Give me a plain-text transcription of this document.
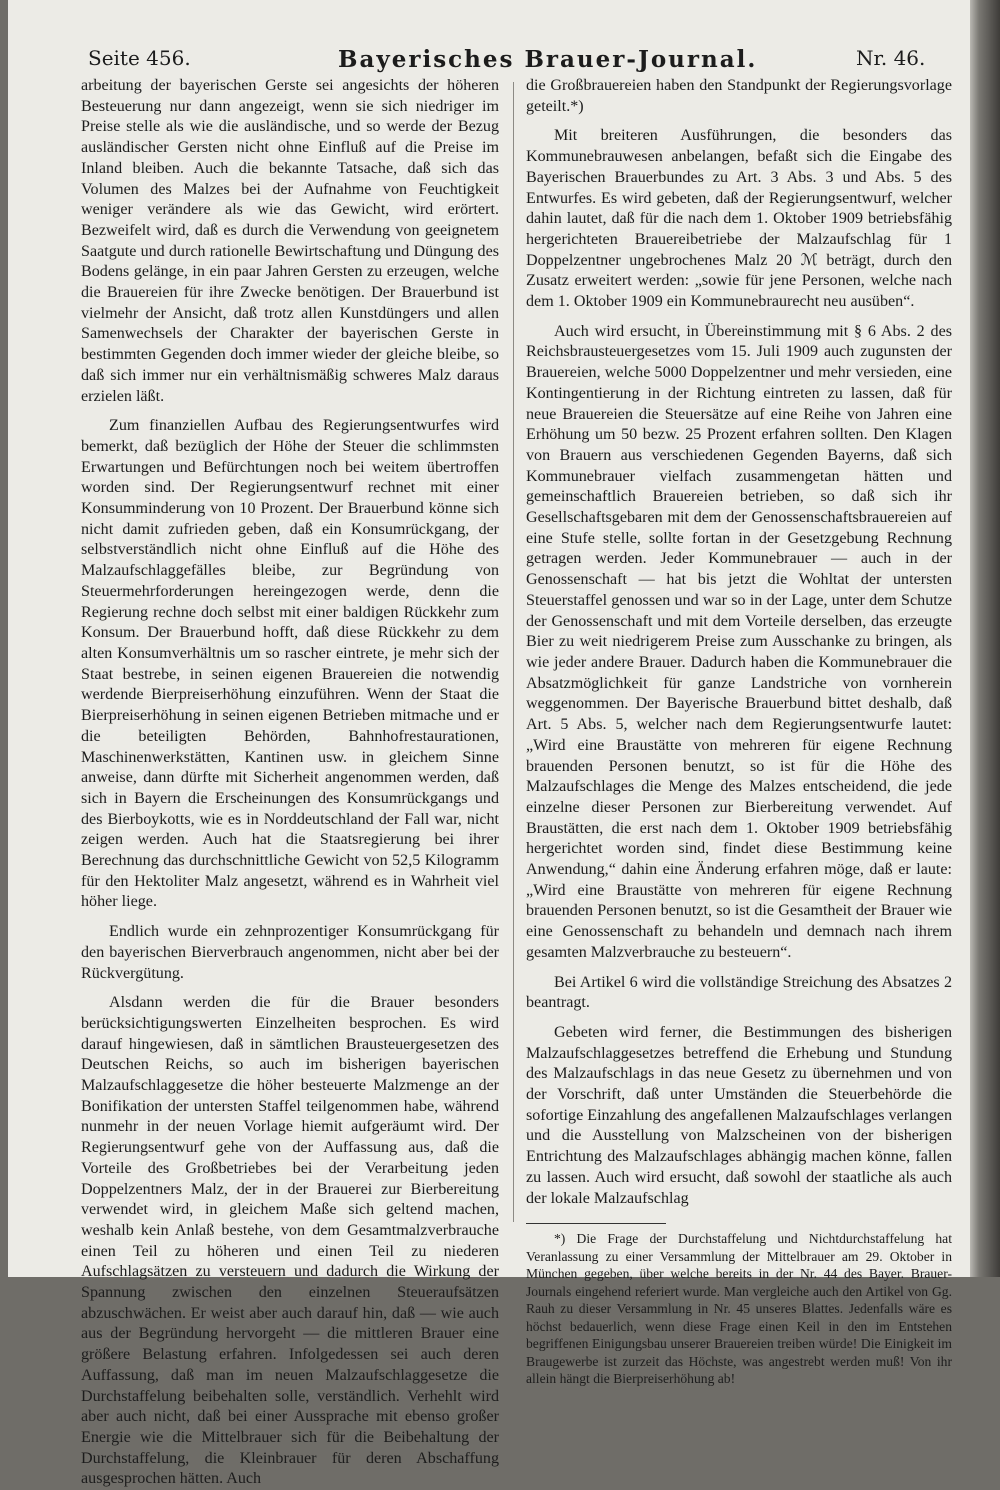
Seite 456.	Bayerisches Brauer-Journal.	Nr. 46.

arbeitung der bayerischen Gerste sei angesichts der höheren Besteuerung nur dann angezeigt, wenn sie sich niedriger im Preise stelle als wie die ausländische, und so werde der Bezug ausländischer Gersten nicht ohne Einfluß auf die Preise im Inland bleiben. Auch die bekannte Tatsache, daß sich das Volumen des Malzes bei der Aufnahme von Feuchtigkeit weniger verändere als wie das Gewicht, wird erörtert. Bezweifelt wird, daß es durch die Verwendung von geeignetem Saatgute und durch rationelle Bewirtschaftung und Düngung des Bodens gelänge, in ein paar Jahren Gersten zu erzeugen, welche die Brauereien für ihre Zwecke benötigen. Der Brauerbund ist vielmehr der Ansicht, daß trotz allen Kunstdüngers und allen Samenwechsels der Charakter der bayerischen Gerste in bestimmten Gegenden doch immer wieder der gleiche bleibe, so daß sich immer nur ein verhältnismäßig schweres Malz daraus erzielen läßt.

Zum finanziellen Aufbau des Regierungsentwurfes wird bemerkt, daß bezüglich der Höhe der Steuer die schlimmsten Erwartungen und Befürchtungen noch bei weitem übertroffen worden sind. Der Regierungsentwurf rechnet mit einer Konsumminderung von 10 Prozent. Der Brauerbund könne sich nicht damit zufrieden geben, daß ein Konsumrückgang, der selbstverständlich nicht ohne Einfluß auf die Höhe des Malzaufschlaggefälles bleibe, zur Begründung von Steuermehrforderungen hereingezogen werde, denn die Regierung rechne doch selbst mit einer baldigen Rückkehr zum Konsum. Der Brauerbund hofft, daß diese Rückkehr zu dem alten Konsumverhältnis um so rascher eintrete, je mehr sich der Staat bestrebe, in seinen eigenen Brauereien die notwendig werdende Bierpreiserhöhung einzuführen. Wenn der Staat die Bierpreiserhöhung in seinen eigenen Betrieben mitmache und er die beteiligten Behörden, Bahnhofrestaurationen, Maschinenwerkstätten, Kantinen usw. in gleichem Sinne anweise, dann dürfte mit Sicherheit angenommen werden, daß sich in Bayern die Erscheinungen des Konsumrückgangs und des Bierboykotts, wie es in Norddeutschland der Fall war, nicht zeigen werden. Auch hat die Staatsregierung bei ihrer Berechnung das durchschnittliche Gewicht von 52,5 Kilogramm für den Hektoliter Malz angesetzt, während es in Wahrheit viel höher liege.

Endlich wurde ein zehnprozentiger Konsumrückgang für den bayerischen Bierverbrauch angenommen, nicht aber bei der Rückvergütung.

Alsdann werden die für die Brauer besonders berücksichtigungswerten Einzelheiten besprochen. Es wird darauf hingewiesen, daß in sämtlichen Brausteuergesetzen des Deutschen Reichs, so auch im bisherigen bayerischen Malzaufschlaggesetze die höher besteuerte Malzmenge an der Bonifikation der untersten Staffel teilgenommen habe, während nunmehr in der neuen Vorlage hiemit aufgeräumt wird. Der Regierungsentwurf gehe von der Auffassung aus, daß die Vorteile des Großbetriebes bei der Verarbeitung jeden Doppelzentners Malz, der in der Brauerei zur Bierbereitung verwendet wird, in gleichem Maße sich geltend machen, weshalb kein Anlaß bestehe, von dem Gesamtmalzverbrauche einen Teil zu höheren und einen Teil zu niederen Aufschlagsätzen zu versteuern und dadurch die Wirkung der Spannung zwischen den einzelnen Steueraufsätzen abzuschwächen. Er weist aber auch darauf hin, daß — wie auch aus der Begründung hervorgeht — die mittleren Brauer eine größere Belastung erfahren. Infolgedessen sei auch deren Auffassung, daß man im neuen Malzaufschlaggesetze die Durchstaffelung beibehalten solle, verständlich. Verhehlt wird aber auch nicht, daß bei einer Aussprache mit ebenso großer Energie wie die Mittelbrauer sich für die Beibehaltung der Durchstaffelung, die Kleinbrauer für deren Abschaffung ausgesprochen hätten. Auch

die Großbrauereien haben den Standpunkt der Regierungsvorlage geteilt.*)

Mit breiteren Ausführungen, die besonders das Kommunebrauwesen anbelangen, befaßt sich die Eingabe des Bayerischen Brauerbundes zu Art. 3 Abs. 3 und Abs. 5 des Entwurfes. Es wird gebeten, daß der Regierungsentwurf, welcher dahin lautet, daß für die nach dem 1. Oktober 1909 betriebsfähig hergerichteten Brauereibetriebe der Malzaufschlag für 1 Doppelzentner ungebrochenes Malz 20 ℳ beträgt, durch den Zusatz erweitert werden: „sowie für jene Personen, welche nach dem 1. Oktober 1909 ein Kommunebraurecht neu ausüben“.

Auch wird ersucht, in Übereinstimmung mit § 6 Abs. 2 des Reichsbrausteuergesetzes vom 15. Juli 1909 auch zugunsten der Brauereien, welche 5000 Doppelzentner und mehr versieden, eine Kontingentierung in der Richtung eintreten zu lassen, daß für neue Brauereien die Steuersätze auf eine Reihe von Jahren eine Erhöhung um 50 bezw. 25 Prozent erfahren sollten. Den Klagen von Brauern aus verschiedenen Gegenden Bayerns, daß sich Kommunebrauer vielfach zusammengetan hätten und gemeinschaftlich Brauereien betrieben, so daß sich ihr Gesellschaftsgebaren mit dem der Genossenschaftsbrauereien auf eine Stufe stelle, sollte fortan in der Gesetzgebung Rechnung getragen werden. Jeder Kommunebrauer — auch in der Genossenschaft — hat bis jetzt die Wohltat der untersten Steuerstaffel genossen und war so in der Lage, unter dem Schutze der Genossenschaft und mit dem Vorteile derselben, das erzeugte Bier zu weit niedrigerem Preise zum Ausschanke zu bringen, als wie jeder andere Brauer. Dadurch haben die Kommunebrauer die Absatzmöglichkeit für ganze Landstriche von vornherein weggenommen. Der Bayerische Brauerbund bittet deshalb, daß Art. 5 Abs. 5, welcher nach dem Regierungsentwurfe lautet: „Wird eine Braustätte von mehreren für eigene Rechnung brauenden Personen benutzt, so ist für die Höhe des Malzaufschlages die Menge des Malzes entscheidend, die jede einzelne dieser Personen zur Bierbereitung verwendet. Auf Braustätten, die erst nach dem 1. Oktober 1909 betriebsfähig hergerichtet worden sind, findet diese Bestimmung keine Anwendung,“ dahin eine Änderung erfahren möge, daß er laute: „Wird eine Braustätte von mehreren für eigene Rechnung brauenden Personen benutzt, so ist die Gesamtheit der Brauer wie eine Genossenschaft zu behandeln und demnach nach ihrem gesamten Malzverbrauche zu besteuern“.

Bei Artikel 6 wird die vollständige Streichung des Absatzes 2 beantragt.

Gebeten wird ferner, die Bestimmungen des bisherigen Malzaufschlaggesetzes betreffend die Erhebung und Stundung des Malzaufschlags in das neue Gesetz zu übernehmen und von der Vorschrift, daß unter Umständen die Steuerbehörde die sofortige Einzahlung des angefallenen Malzaufschlages verlangen und die Ausstellung von Malzscheinen von der bisherigen Entrichtung des Malzaufschlages abhängig machen könne, fallen zu lassen. Auch wird ersucht, daß sowohl der staatliche als auch der lokale Malzaufschlag

*) Die Frage der Durchstaffelung und Nichtdurchstaffelung hat Veranlassung zu einer Versammlung der Mittelbrauer am 29. Oktober in München gegeben, über welche bereits in der Nr. 44 des Bayer. Brauer-Journals eingehend referiert wurde. Man vergleiche auch den Artikel von Gg. Rauh zu dieser Versammlung in Nr. 45 unseres Blattes. Jedenfalls wäre es höchst bedauerlich, wenn diese Frage einen Keil in den im Entstehen begriffenen Einigungsbau unserer Brauereien treiben würde! Die Einigkeit im Braugewerbe ist zurzeit das Höchste, was angestrebt werden muß! Von ihr allein hängt die Bierpreiserhöhung ab!
